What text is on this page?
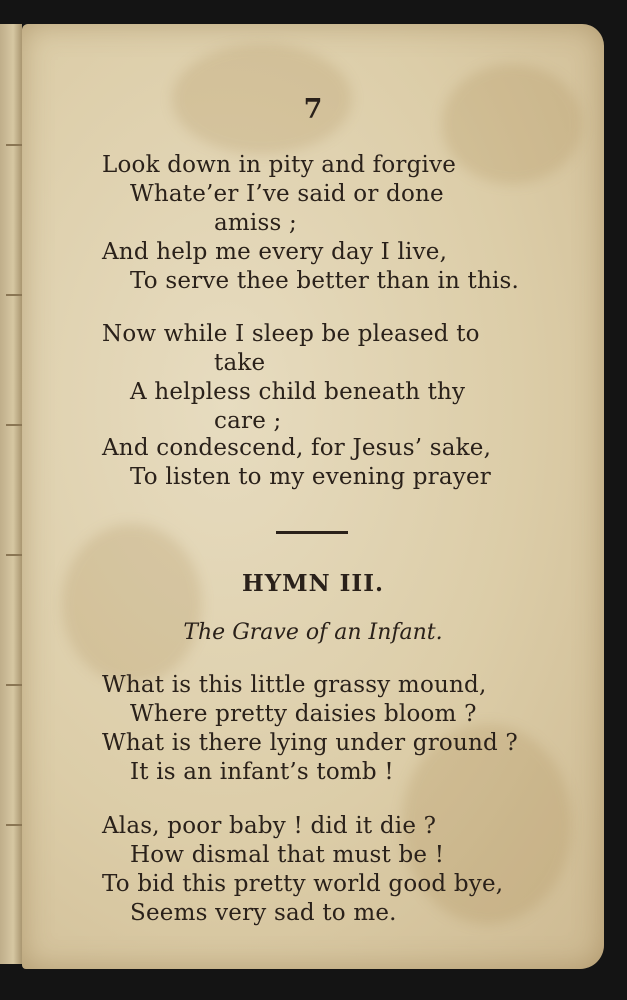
7
Look down in pity and forgive
Whate’er I’ve said or done
amiss ;
And help me every day I live,
To serve thee better than in this.
Now while I sleep be pleased to
take
A helpless child beneath thy
care ;
And condescend, for Jesus’ sake,
To listen to my evening prayer
HYMN III.
The Grave of an Infant.
What is this little grassy mound,
Where pretty daisies bloom ?
What is there lying under ground ?
It is an infant’s tomb !
Alas, poor baby ! did it die ?
How dismal that must be !
To bid this pretty world good bye,
Seems very sad to me.
